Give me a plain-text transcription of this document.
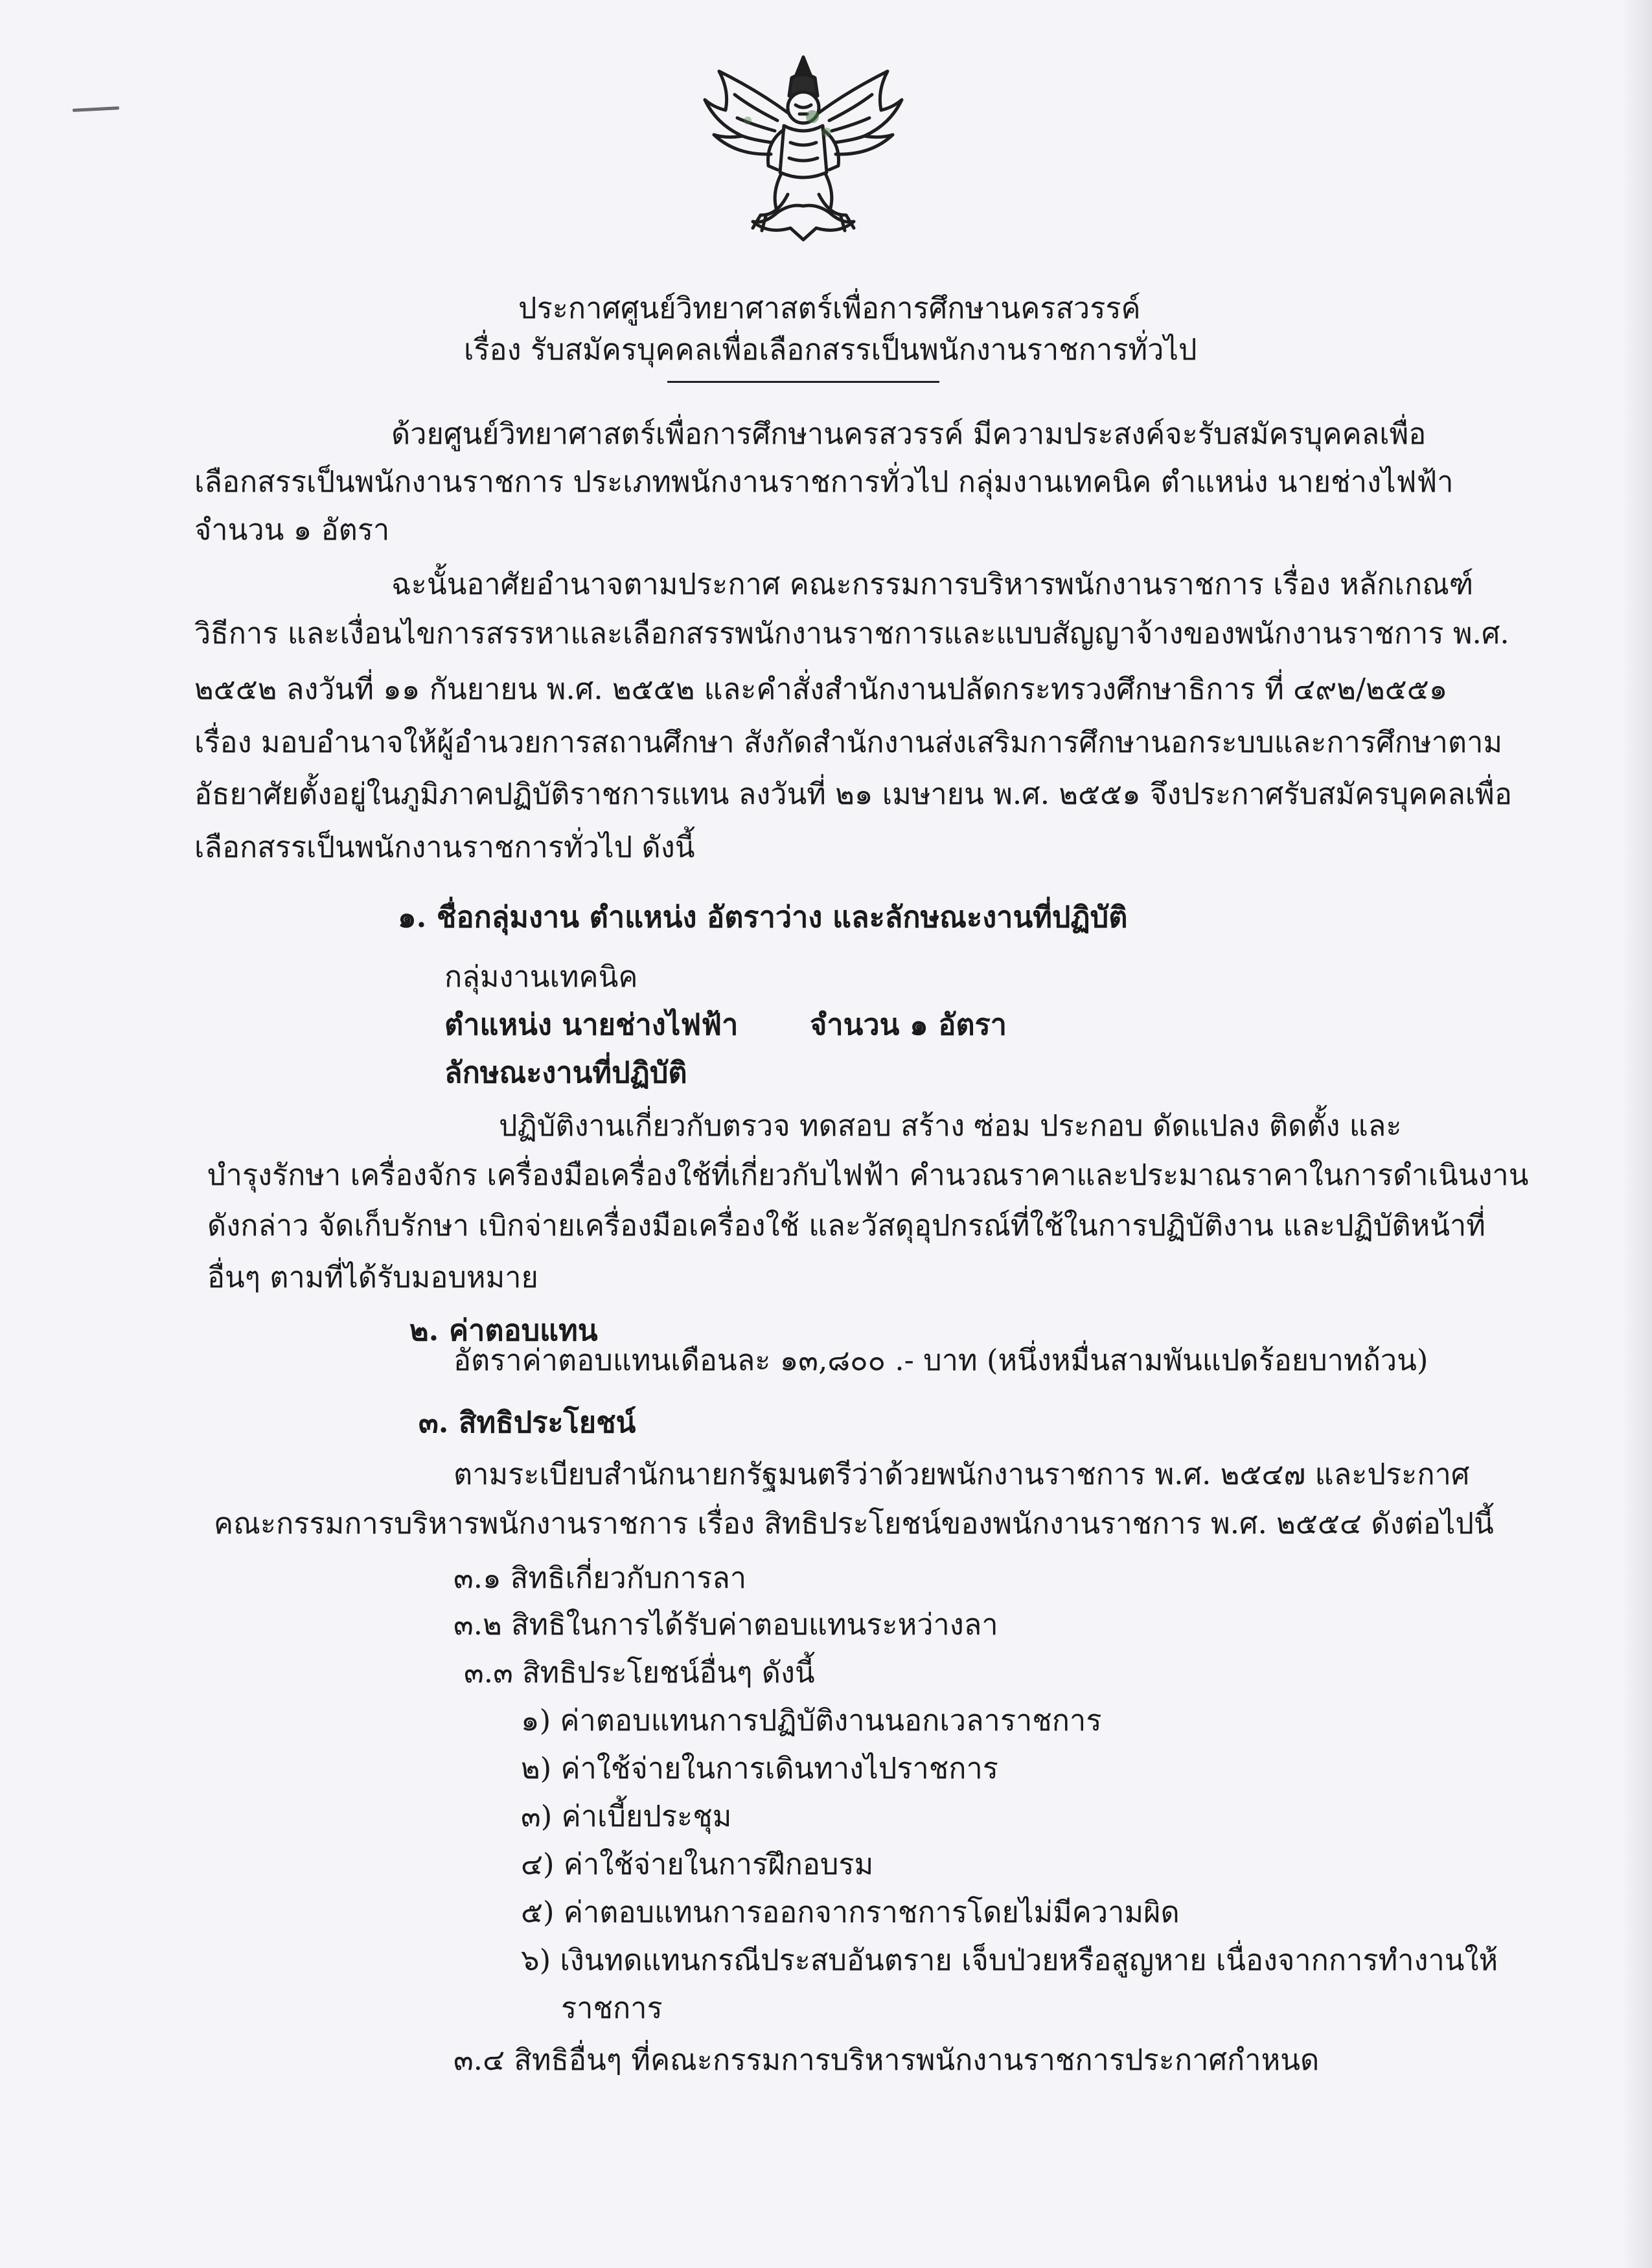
ประกาศศูนย์วิทยาศาสตร์เพื่อการศึกษานครสวรรค์
เรื่อง รับสมัครบุคคลเพื่อเลือกสรรเป็นพนักงานราชการทั่วไป
ด้วยศูนย์วิทยาศาสตร์เพื่อการศึกษานครสวรรค์ มีความประสงค์จะรับสมัครบุคคลเพื่อ
เลือกสรรเป็นพนักงานราชการ ประเภทพนักงานราชการทั่วไป กลุ่มงานเทคนิค ตำแหน่ง นายช่างไฟฟ้า
จำนวน ๑ อัตรา
ฉะนั้นอาศัยอำนาจตามประกาศ คณะกรรมการบริหารพนักงานราชการ เรื่อง หลักเกณฑ์
วิธีการ และเงื่อนไขการสรรหาและเลือกสรรพนักงานราชการและแบบสัญญาจ้างของพนักงานราชการ พ.ศ.
๒๕๕๒ ลงวันที่ ๑๑ กันยายน พ.ศ. ๒๕๕๒ และคำสั่งสำนักงานปลัดกระทรวงศึกษาธิการ ที่ ๔๙๒/๒๕๕๑
เรื่อง มอบอำนาจให้ผู้อำนวยการสถานศึกษา สังกัดสำนักงานส่งเสริมการศึกษานอกระบบและการศึกษาตาม
อัธยาศัยตั้งอยู่ในภูมิภาคปฏิบัติราชการแทน ลงวันที่ ๒๑ เมษายน พ.ศ. ๒๕๕๑ จึงประกาศรับสมัครบุคคลเพื่อ
เลือกสรรเป็นพนักงานราชการทั่วไป ดังนี้
๑. ชื่อกลุ่มงาน ตำแหน่ง อัตราว่าง และลักษณะงานที่ปฏิบัติ
กลุ่มงานเทคนิค
ตำแหน่ง นายช่างไฟฟ้า จำนวน ๑ อัตรา
ลักษณะงานที่ปฏิบัติ
ปฏิบัติงานเกี่ยวกับตรวจ ทดสอบ สร้าง ซ่อม ประกอบ ดัดแปลง ติดตั้ง และ
บำรุงรักษา เครื่องจักร เครื่องมือเครื่องใช้ที่เกี่ยวกับไฟฟ้า คำนวณราคาและประมาณราคาในการดำเนินงาน
ดังกล่าว จัดเก็บรักษา เบิกจ่ายเครื่องมือเครื่องใช้ และวัสดุอุปกรณ์ที่ใช้ในการปฏิบัติงาน และปฏิบัติหน้าที่
อื่นๆ ตามที่ได้รับมอบหมาย
๒. ค่าตอบแทน
อัตราค่าตอบแทนเดือนละ ๑๓,๘๐๐ .- บาท (หนึ่งหมื่นสามพันแปดร้อยบาทถ้วน)
๓. สิทธิประโยชน์
ตามระเบียบสำนักนายกรัฐมนตรีว่าด้วยพนักงานราชการ พ.ศ. ๒๕๔๗ และประกาศ
คณะกรรมการบริหารพนักงานราชการ เรื่อง สิทธิประโยชน์ของพนักงานราชการ พ.ศ. ๒๕๕๔ ดังต่อไปนี้
๓.๑ สิทธิเกี่ยวกับการลา
๓.๒ สิทธิในการได้รับค่าตอบแทนระหว่างลา
๓.๓ สิทธิประโยชน์อื่นๆ ดังนี้
๑) ค่าตอบแทนการปฏิบัติงานนอกเวลาราชการ
๒) ค่าใช้จ่ายในการเดินทางไปราชการ
๓) ค่าเบี้ยประชุม
๔) ค่าใช้จ่ายในการฝึกอบรม
๕) ค่าตอบแทนการออกจากราชการโดยไม่มีความผิด
๖) เงินทดแทนกรณีประสบอันตราย เจ็บป่วยหรือสูญหาย เนื่องจากการทำงานให้
ราชการ
๓.๔ สิทธิอื่นๆ ที่คณะกรรมการบริหารพนักงานราชการประกาศกำหนด
